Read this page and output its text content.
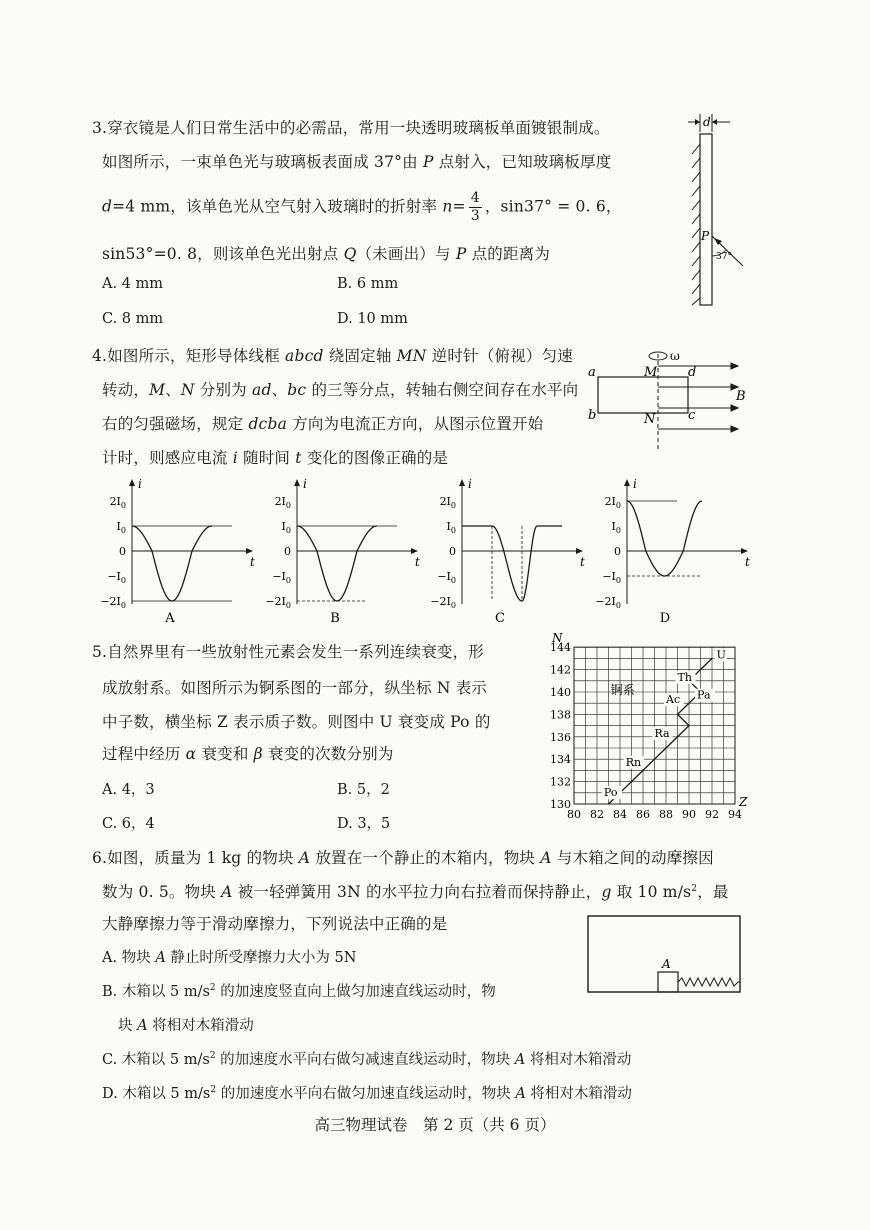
3.穿衣镜是人们日常生活中的必需品，常用一块透明玻璃板单面镀银制成。
如图所示，一束单色光与玻璃板表面成 37°由 P 点射入，已知玻璃板厚度
d=4 mm，该单色光从空气射入玻璃时的折射率 $n= \frac{4}{3}$ ，sin37° = 0. 6，
sin53°=0. 8，则该单色光出射点 Q（未画出）与 P 点的距离为
A. 4 mm	B. 6 mm
C. 8 mm	D. 10 mm
d
P
37°
4.如图所示，矩形导体线框 abcd 绕固定轴 MN 逆时针（俯视）匀速
转动，M、N 分别为 ad、bc 的三等分点，转轴右侧空间存在水平向
右的匀强磁场，规定 dcba 方向为电流正方向，从图示位置开始
计时，则感应电流 i 随时间 t 变化的图像正确的是
ω
a
b
d
c
M
N
B
i
t
$2I_0$
$I_0$
0
$-I_0$
$-2I_0$
A
i
t
$2I_0$
$I_0$
0
$-I_0$
$-2I_0$
B
i
t
$2I_0$
$I_0$
0
$-I_0$
$-2I_0$
C
i
t
$2I_0$
$I_0$
0
$-I_0$
$-2I_0$
D
5.自然界里有一些放射性元素会发生一系列连续衰变，形
成放射系。如图所示为锕系图的一部分，纵坐标 N 表示
中子数，横坐标 Z 表示质子数。则图中 U 衰变成 Po 的
过程中经历 α 衰变和 β 衰变的次数分别为
A. 4，3	B. 5，2
C. 6，4	D. 3，5
80 82 84 86 88 90 92 94
130
132
134
136
138
140
142
144
N
Z
锕系
U
Th
Pa
Ac
Ra
Rn
Po
6.如图，质量为 1 kg 的物块 A 放置在一个静止的木箱内，物块 A 与木箱之间的动摩擦因
数为 0. 5。物块 A 被一轻弹簧用 3N 的水平拉力向右拉着而保持静止，g 取 10 $m/s^2$，最
大静摩擦力等于滑动摩擦力，下列说法中正确的是
A. 物块 A 静止时所受摩擦力大小为 5N
B. 木箱以 5 $m/s^2$ 的加速度竖直向上做匀加速直线运动时，物
块 A 将相对木箱滑动
C. 木箱以 5 $m/s^2$ 的加速度水平向右做匀减速直线运动时，物块 A 将相对木箱滑动
D. 木箱以 5 $m/s^2$ 的加速度水平向右做匀加速直线运动时，物块 A 将相对木箱滑动
A
高三物理试卷　第 2 页（共 6 页）
